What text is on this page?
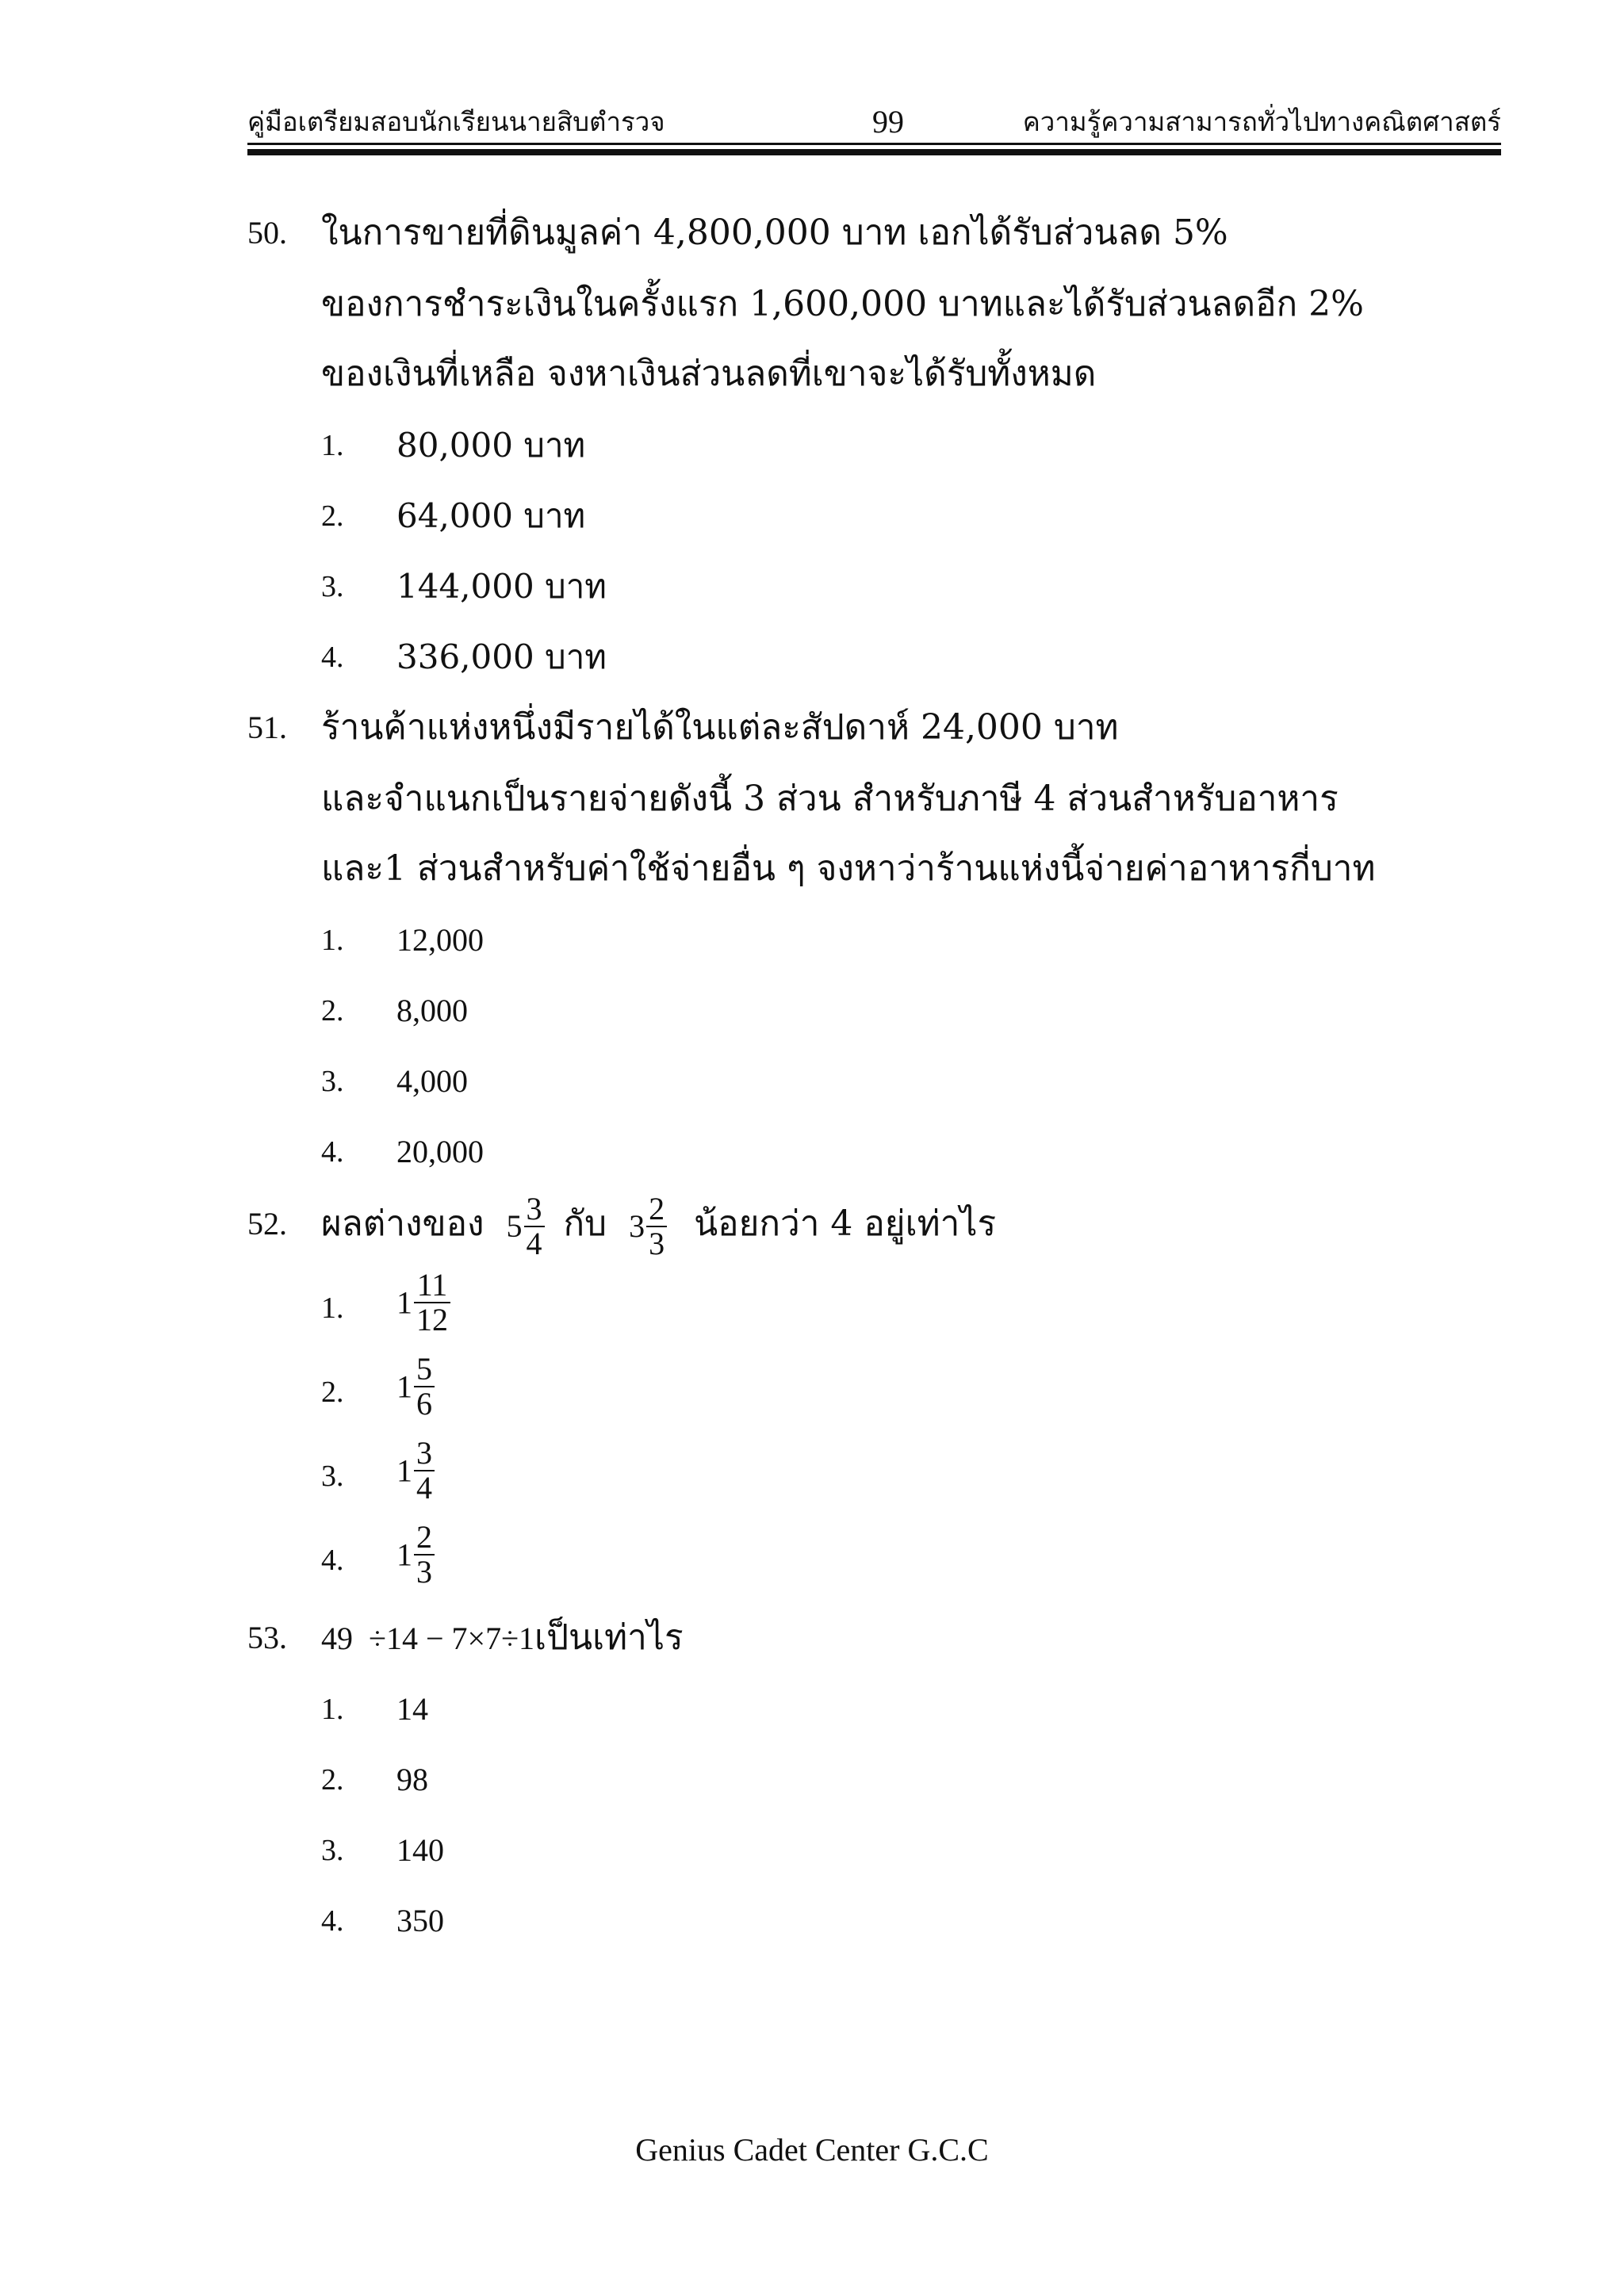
คู่มือเตรียมสอบนักเรียนนายสิบตำรวจ	99	ความรู้ความสามารถทั่วไปทางคณิตศาสตร์
50. ในการขายที่ดินมูลค่า 4,800,000 บาท เอกได้รับส่วนลด 5%
ของการชำระเงินในครั้งแรก 1,600,000 บาทและได้รับส่วนลดอีก 2%
ของเงินที่เหลือ จงหาเงินส่วนลดที่เขาจะได้รับทั้งหมด
1. 80,000 บาท
2. 64,000 บาท
3. 144,000 บาท
4. 336,000 บาท
51. ร้านค้าแห่งหนึ่งมีรายได้ในแต่ละสัปดาห์ 24,000 บาท
และจำแนกเป็นรายจ่ายดังนี้ 3 ส่วน สำหรับภาษี 4 ส่วนสำหรับอาหาร
และ1 ส่วนสำหรับค่าใช้จ่ายอื่น ๆ จงหาว่าร้านแห่งนี้จ่ายค่าอาหารกี่บาท
1. 12,000
2. 8,000
3. 4,000
4. 20,000
52. ผลต่างของ $5 \frac{3}{4}$ กับ $3 \frac{2}{3}$ น้อยกว่า 4 อยู่เท่าไร
1. $1 \frac{11}{12}$
2. $1 \frac{5}{6}$
3. $1 \frac{3}{4}$
4. $1 \frac{2}{3}$
53. 49  ÷14 − 7×7÷1เป็นเท่าไร
1. 14
2. 98
3. 140
4. 350
Genius Cadet Center G.C.C
